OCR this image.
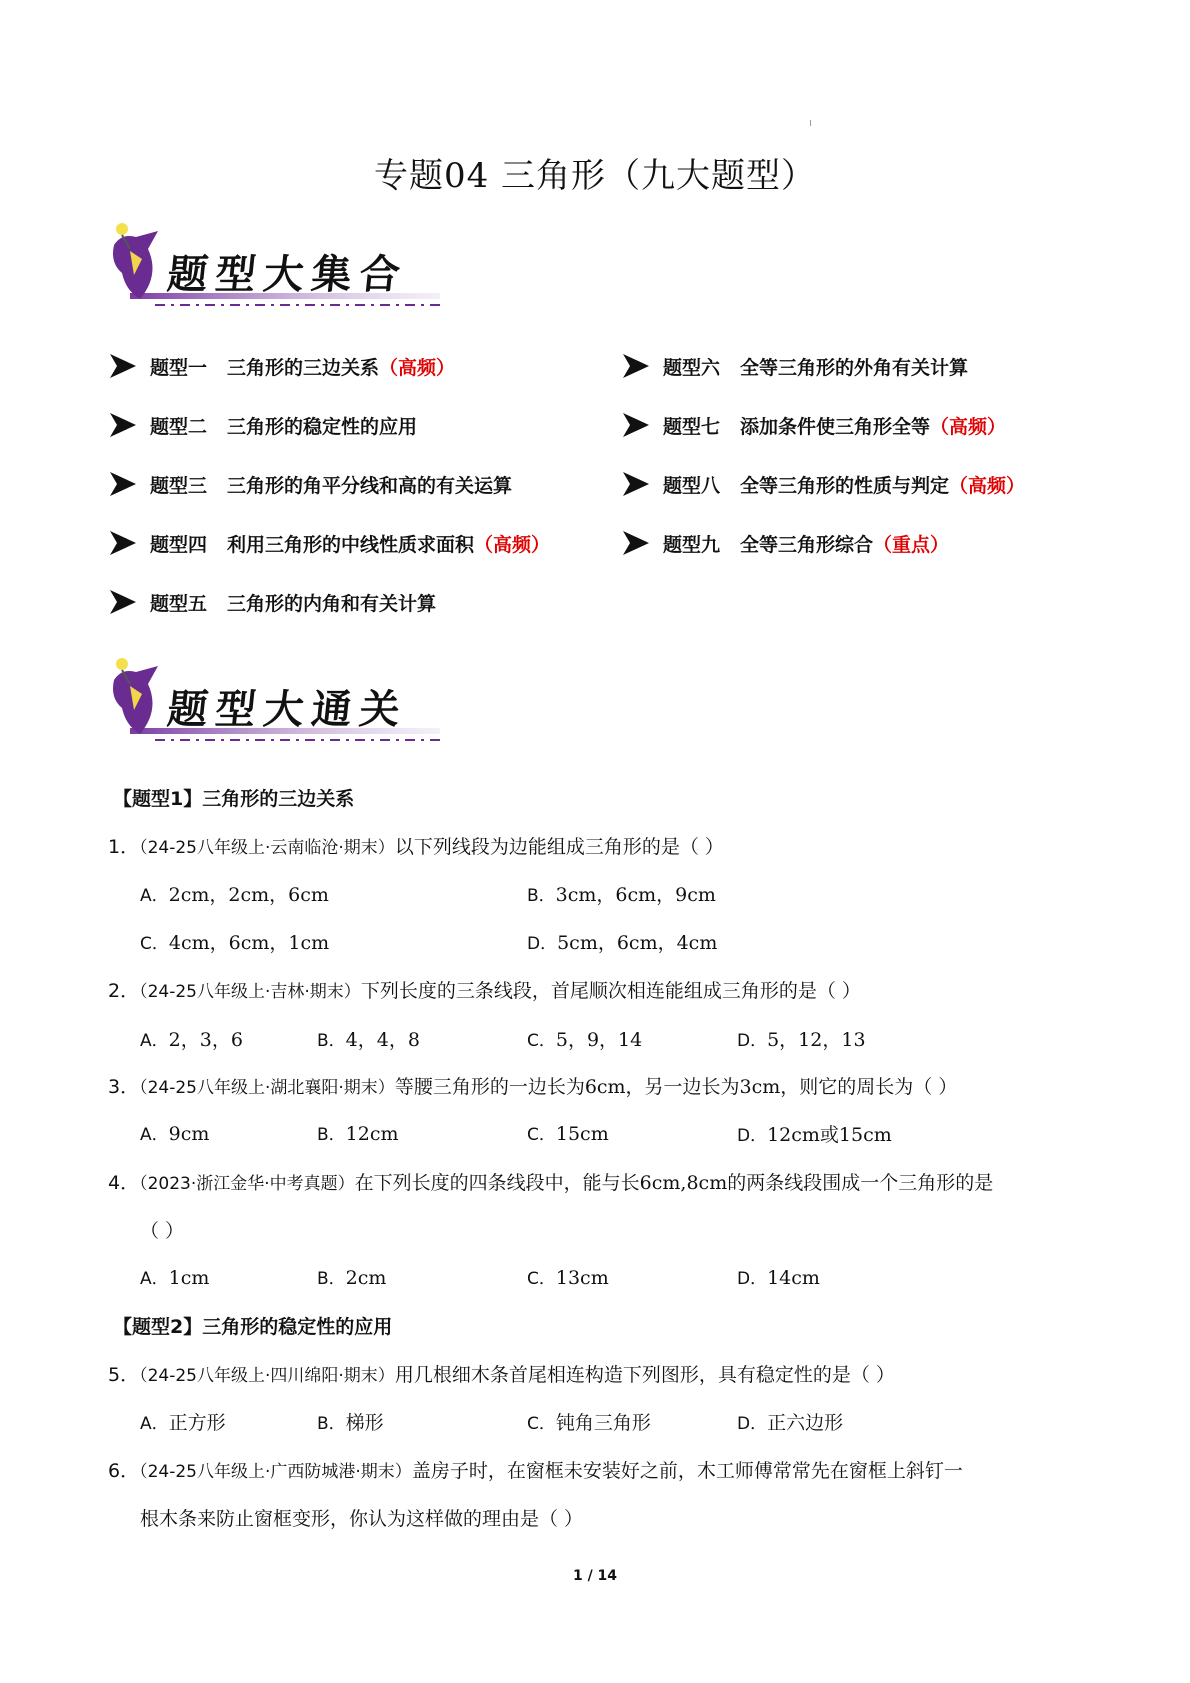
专题04 三角形（九大题型）
题型大集合
题型一 三角形的三边关系 （高频）
题型二 三角形的稳定性的应用
题型三 三角形的角平分线和高的有关运算
题型四 利用三角形的中线性质求面积 （高频）
题型五 三角形的内角和有关计算
题型六 全等三角形的外角有关计算
题型七 添加条件使三角形全等 （高频）
题型八 全等三角形的性质与判定 （高频）
题型九 全等三角形综合 （重点）
题型大通关
【题型1】三角形的三边关系
1．（24-25八年级上·云南临沧·期末）以下列线段为边能组成三角形的是（ ）
A．2cm，2cm，6cm	B．3cm，6cm，9cm
C．4cm，6cm，1cm	D．5cm，6cm，4cm
2．（24-25八年级上·吉林·期末）下列长度的三条线段，首尾顺次相连能组成三角形的是（ ）
A．2，3，6	B．4，4，8	C．5，9，14	D．5，12，13
3．（24-25八年级上·湖北襄阳·期末）等腰三角形的一边长为6cm，另一边长为3cm，则它的周长为（ ）
A．9cm	B．12cm	C．15cm	D．12cm或15cm
4．（2023·浙江金华·中考真题）在下列长度的四条线段中，能与长6cm,8cm的两条线段围成一个三角形的是
（ ）
A．1cm	B．2cm	C．13cm	D．14cm
【题型2】三角形的稳定性的应用
5．（24-25八年级上·四川绵阳·期末）用几根细木条首尾相连构造下列图形，具有稳定性的是（ ）
A．正方形	B．梯形	C．钝角三角形	D．正六边形
6．（24-25八年级上·广西防城港·期末）盖房子时，在窗框未安装好之前，木工师傅常常先在窗框上斜钉一
根木条来防止窗框变形，你认为这样做的理由是（ ）
1 / 14
